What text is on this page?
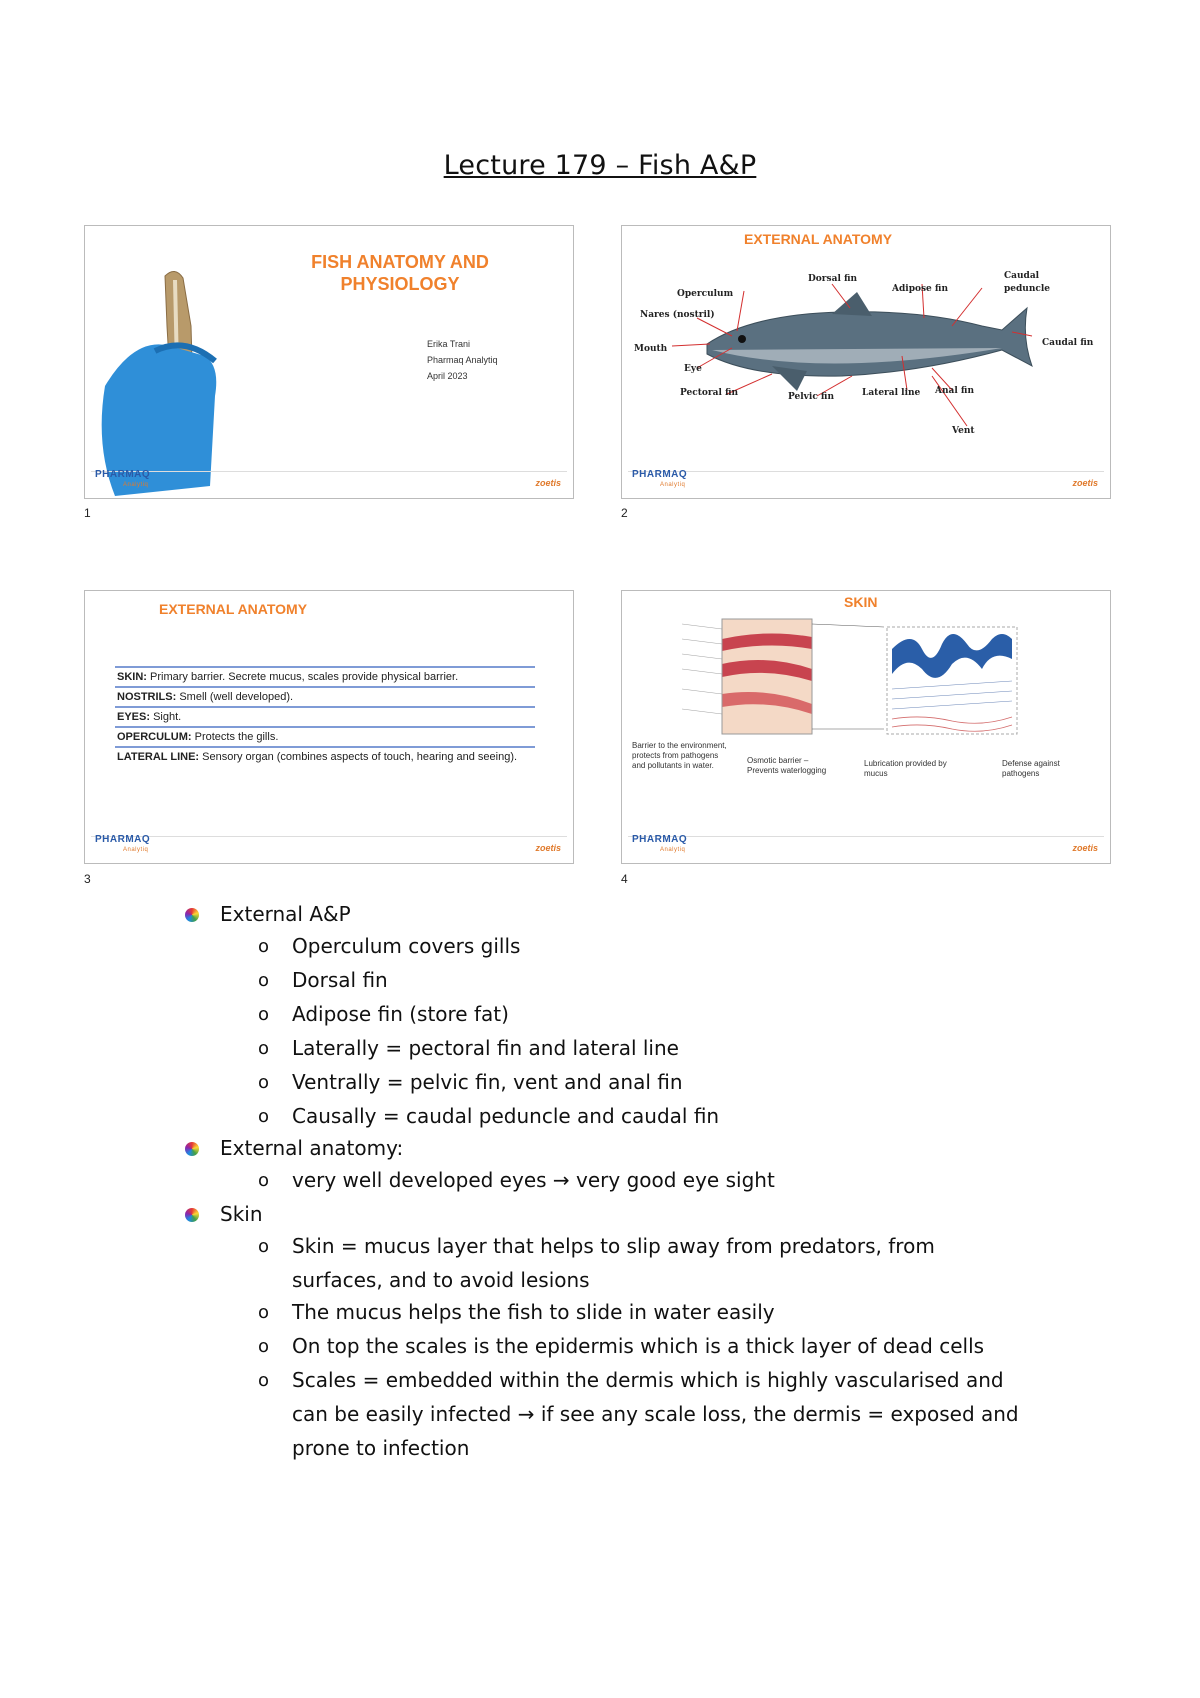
Lecture 179 – Fish A&P
FISH ANATOMY AND PHYSIOLOGY
Erika Trani
Pharmaq Analytiq
April 2023
PHARMAQ
Analytiq	zoetis
1
EXTERNAL ANATOMY
Dorsal fin
Adipose fin
Caudal peduncle
Operculum
Nares (nostril)
Mouth
Eye
Pectoral fin	Pelvic fin	Lateral line Anal fin
Caudal fin
Vent
PHARMAQ
Analytiq	zoetis
2
EXTERNAL ANATOMY
SKIN: Primary barrier. Secrete mucus, scales provide physical barrier.
NOSTRILS: Smell (well developed).
EYES: Sight.
OPERCULUM: Protects the gills.
LATERAL LINE: Sensory organ (combines aspects of touch, hearing and seeing).
PHARMAQ
Analytiq	zoetis
3
SKIN
Barrier to the environment, protects from pathogens and pollutants in water.
Osmotic barrier – Prevents waterlogging
Lubrication provided by mucus
Defense against pathogens
PHARMAQ
Analytiq	zoetis
4
External A&P
o Operculum covers gills
o Dorsal fin
o Adipose fin (store fat)
o Laterally = pectoral fin and lateral line
o Ventrally = pelvic fin, vent and anal fin
o Causally = caudal peduncle and caudal fin
External anatomy:
o very well developed eyes → very good eye sight
Skin
o Skin = mucus layer that helps to slip away from predators, from
surfaces, and to avoid lesions
o The mucus helps the fish to slide in water easily
o On top the scales is the epidermis which is a thick layer of dead cells
o Scales = embedded within the dermis which is highly vascularised and
can be easily infected → if see any scale loss, the dermis = exposed and
prone to infection
